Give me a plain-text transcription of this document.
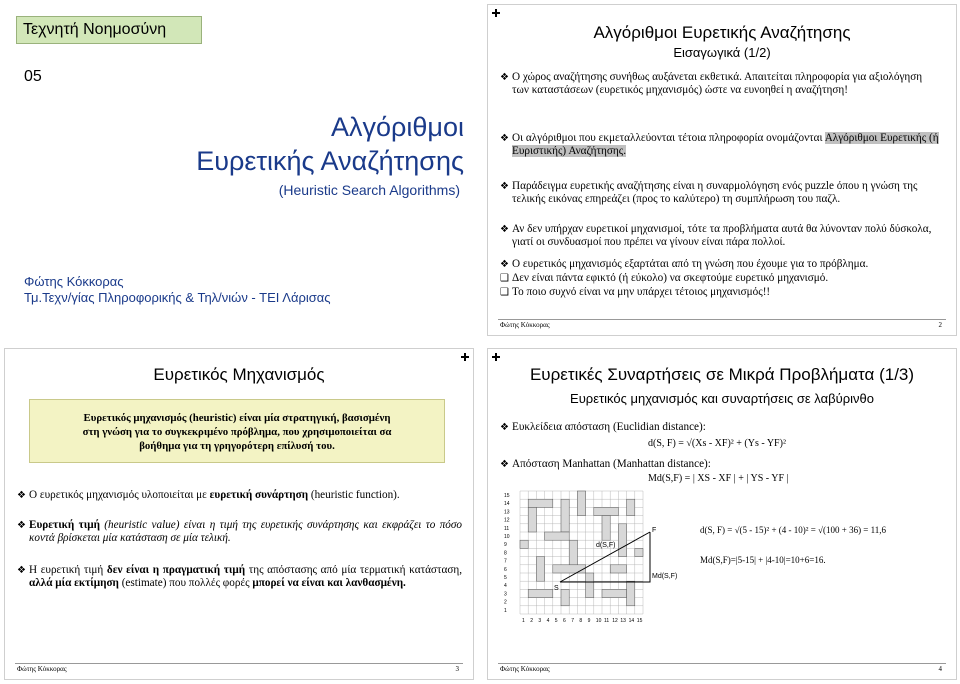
Τεχνητή Νοημοσύνη
05
Αλγόριθμοι
Ευρετικής Αναζήτησης
(Heuristic Search Algorithms)
Φώτης Κόκκορας
Τμ.Τεχν/γίας Πληροφορικής & Τηλ/νιών - ΤΕΙ Λάρισας
Αλγόριθμοι Ευρετικής Αναζήτησης
Εισαγωγικά (1/2)
❖ Ο χώρος αναζήτησης συνήθως αυξάνεται εκθετικά. Απαιτείται πληροφορία για αξιολόγηση των καταστάσεων (ευρετικός μηχανισμός) ώστε να ευνοηθεί η αναζήτηση!
❖ Οι αλγόριθμοι που εκμεταλλεύονται τέτοια πληροφορία ονομάζονται Αλγόριθμοι Ευρετικής (ή Ευριστικής) Αναζήτησης.
❖ Παράδειγμα ευρετικής αναζήτησης είναι η συναρμολόγηση ενός puzzle όπου η γνώση της τελικής εικόνας επηρεάζει (προς το καλύτερο) τη συμπλήρωση του παζλ.
❖ Αν δεν υπήρχαν ευρετικοί μηχανισμοί, τότε τα προβλήματα αυτά θα λύνονταν πολύ δύσκολα, γιατί οι συνδυασμοί που πρέπει να γίνουν είναι πάρα πολλοί.
❖ Ο ευρετικός μηχανισμός εξαρτάται από τη γνώση που έχουμε για το πρόβλημα.
❑ Δεν είναι πάντα εφικτό (ή εύκολο) να σκεφτούμε ευρετικό μηχανισμό.
❑ Το ποιο συχνό είναι να μην υπάρχει τέτοιος μηχανισμός!!
Φώτης Κόκκορας	2
Ευρετικός Μηχανισμός
Ευρετικός μηχανισμός (heuristic) είναι μία στρατηγική, βασισμένη στη γνώση για το συγκεκριμένο πρόβλημα, που χρησιμοποιείται σα βοήθημα για τη γρηγορότερη επίλυσή του.
❖ Ο ευρετικός μηχανισμός υλοποιείται με ευρετική συνάρτηση (heuristic function).
❖ Ευρετική τιμή (heuristic value) είναι η τιμή της ευρετικής συνάρτησης και εκφράζει το πόσο κοντά βρίσκεται μία κατάσταση σε μία τελική.
❖ Η ευρετική τιμή δεν είναι η πραγματική τιμή της απόστασης από μία τερματική κατάσταση, αλλά μία εκτίμηση (estimate) που πολλές φορές μπορεί να είναι και λανθασμένη.
Φώτης Κόκκορας	3
Ευρετικές Συναρτήσεις σε Μικρά Προβλήματα (1/3)
Ευρετικός μηχανισμός και συναρτήσεις σε λαβύρινθο
❖ Ευκλείδεια απόσταση (Euclidian distance):
d(S, F) = √(Xs - XF)² + (Ys - YF)²
❖ Απόσταση Manhattan (Manhattan distance):
Md(S,F) = | XS - XF | + | YS - YF |
15
14
13
12
11
10
9
8
7
6
5
4
3
2
1
1 2 3 4 5 6 7 8 9 10 11 12 13 14 15
S
F
d(S,F)
Md(S,F)
d(S, F) = √(5 - 15)² + (4 - 10)² = √(100 + 36) = 11,6
Md(S,F)=|5-15| + |4-10|=10+6=16.
Φώτης Κόκκορας	4
